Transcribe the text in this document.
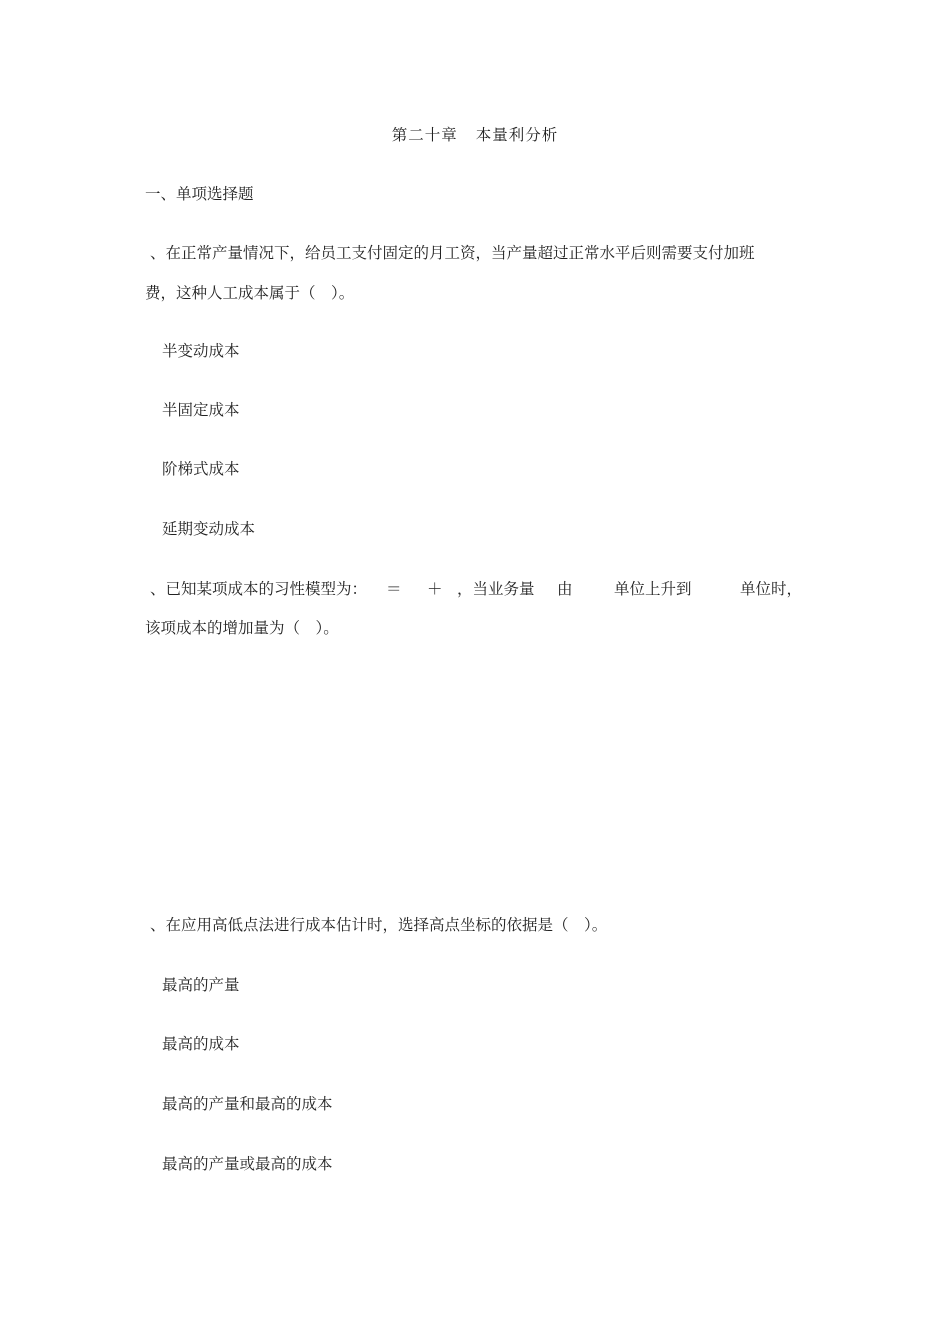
第二十章 本量利分析
一、单项选择题
、在正常产量情况下，给员工支付固定的月工资，当产量超过正常水平后则需要支付加班
费，这种人工成本属于（　）。
半变动成本
半固定成本
阶梯式成本
延期变动成本
、已知某项成本的习性模型为： ＝ ＋ ，当业务量 由	单位上升到	单位时，
该项成本的增加量为（　）。
、在应用高低点法进行成本估计时，选择高点坐标的依据是（　）。
最高的产量
最高的成本
最高的产量和最高的成本
最高的产量或最高的成本
